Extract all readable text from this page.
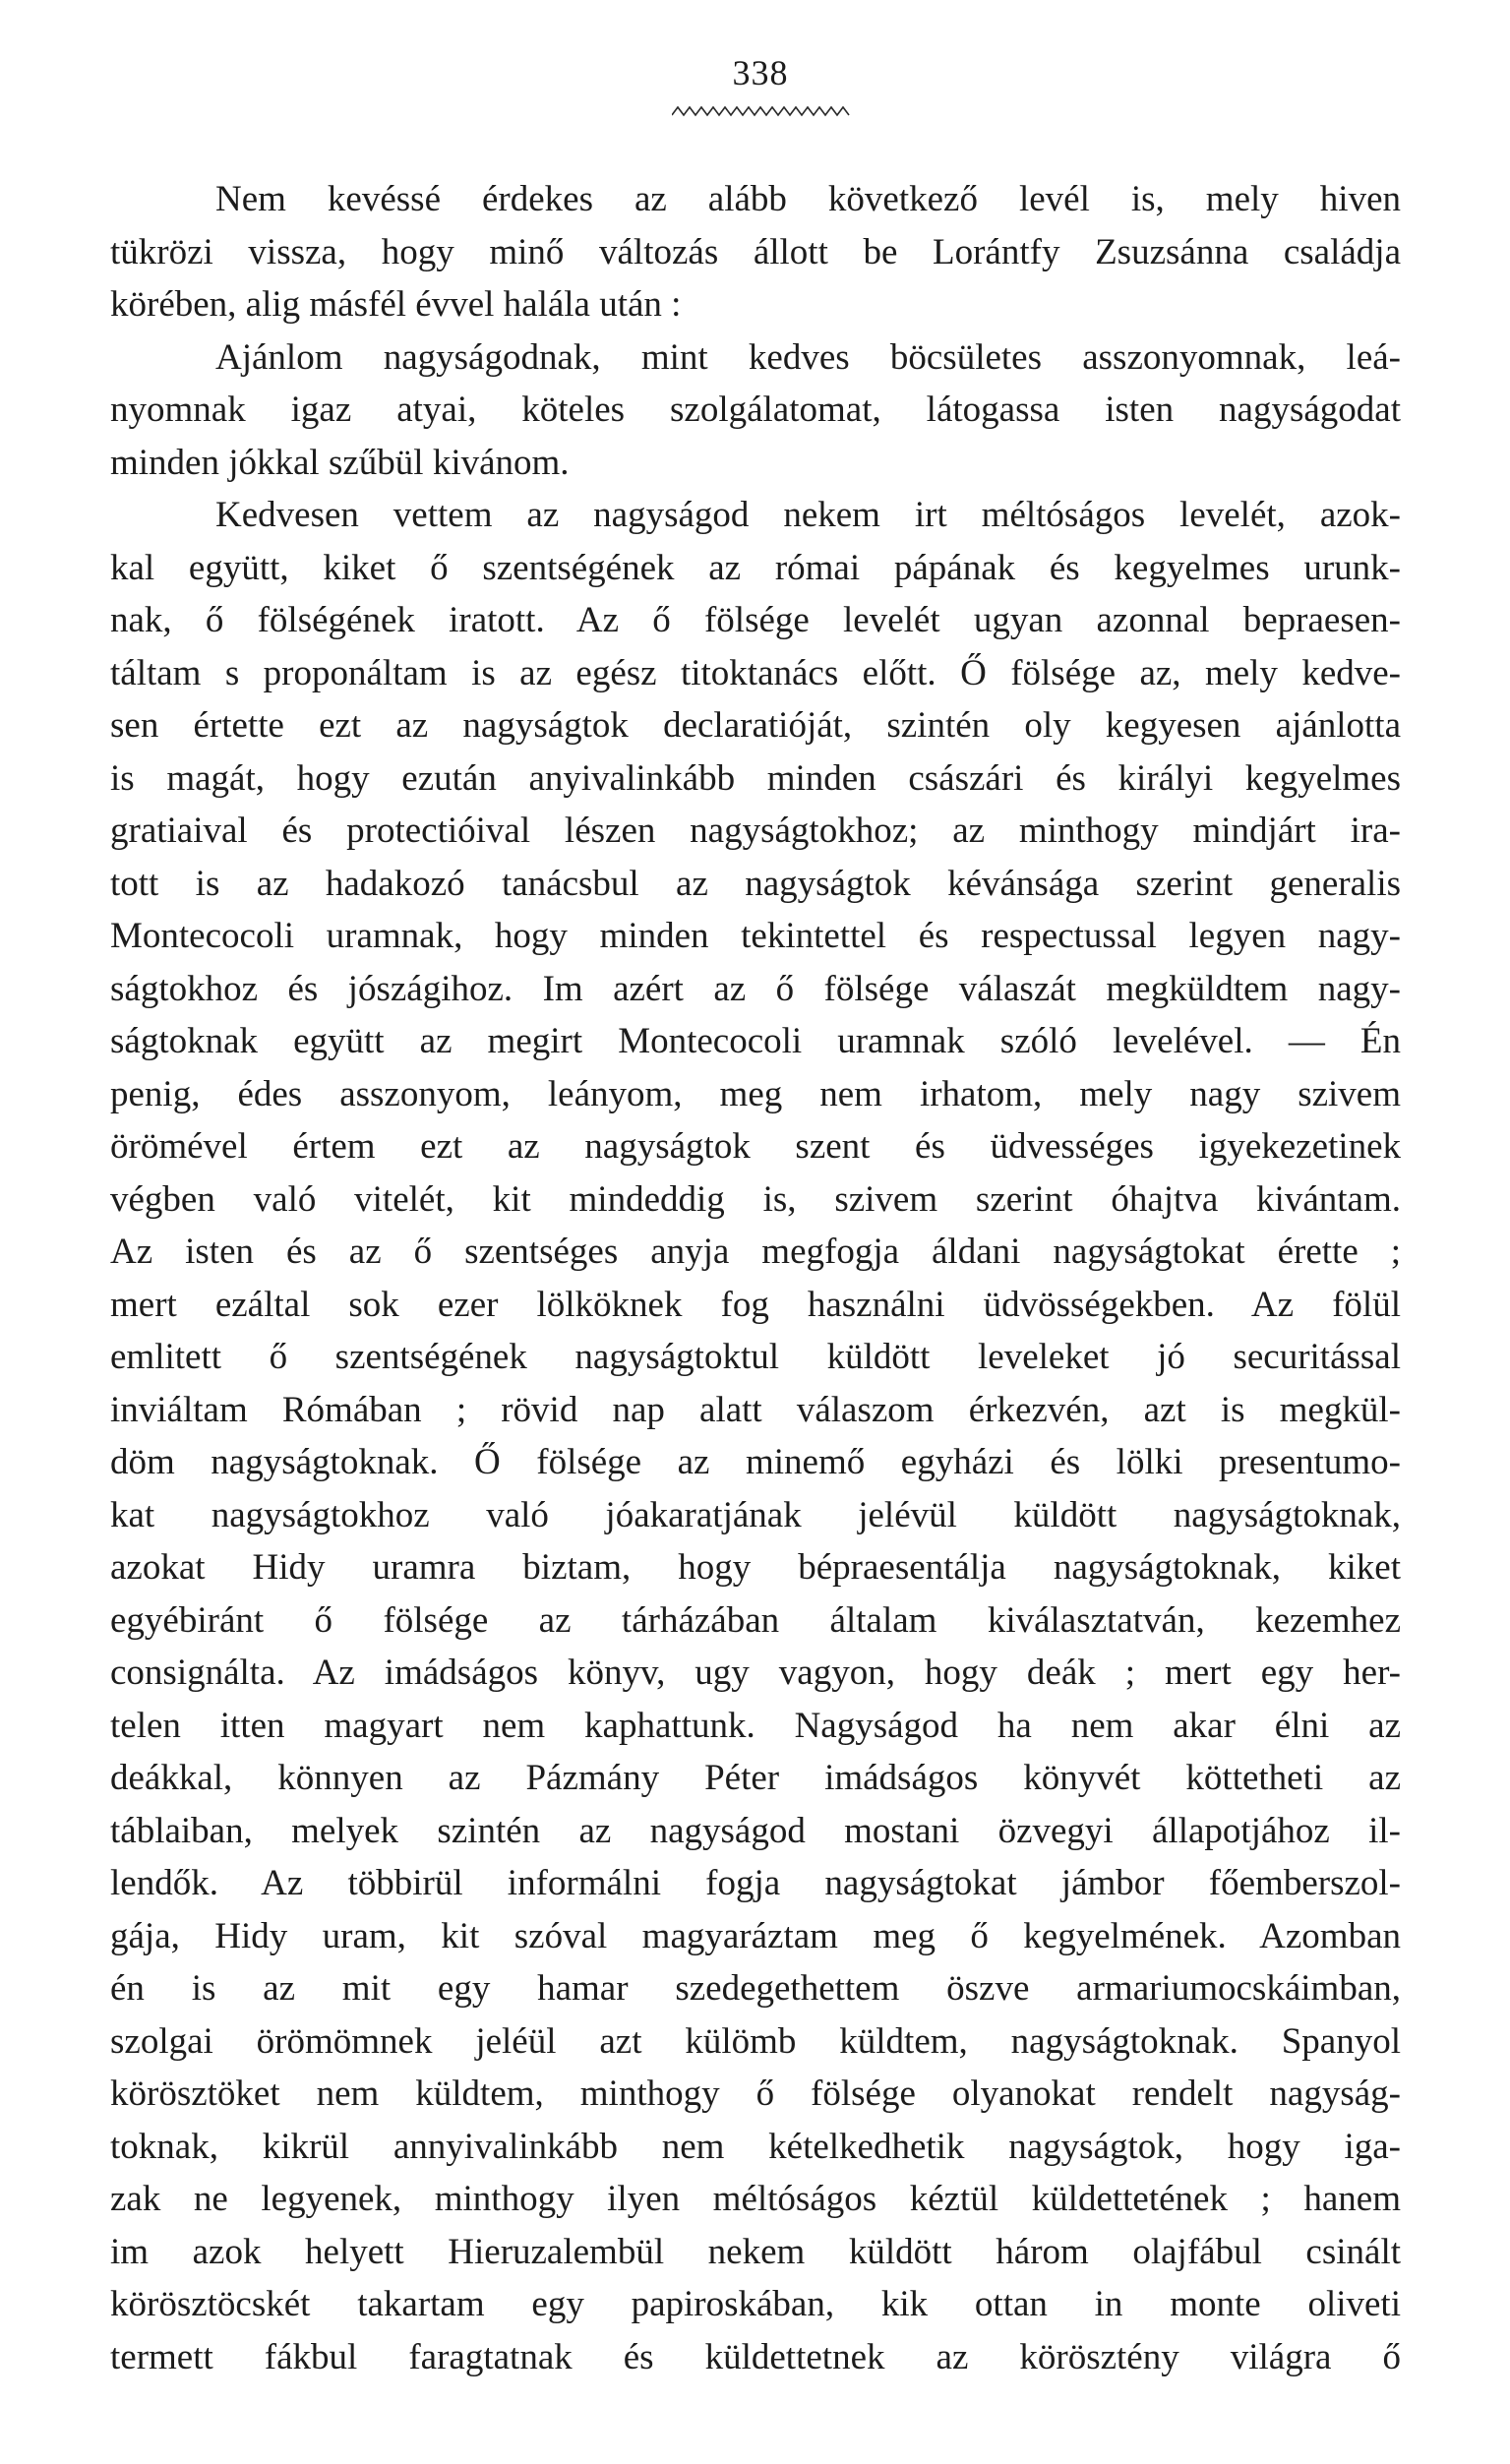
338
Nem kevéssé érdekes az alább következő levél is, mely hiven
tükrözi vissza, hogy minő változás állott be Lorántfy Zsuzsánna családja
körében, alig másfél évvel halála után :
Ajánlom nagyságodnak, mint kedves böcsületes asszonyomnak, leá-
nyomnak igaz atyai, köteles szolgálatomat, látogassa isten nagyságodat
minden jókkal szűbül kivánom.
Kedvesen vettem az nagyságod nekem irt méltóságos levelét, azok-
kal együtt, kiket ő szentségének az római pápának és kegyelmes urunk-
nak, ő fölségének iratott. Az ő fölsége levelét ugyan azonnal bepraesen-
táltam s proponáltam is az egész titoktanács előtt. Ő fölsége az, mely kedve-
sen értette ezt az nagyságtok declaratióját, szintén oly kegyesen ajánlotta
is magát, hogy ezután anyivalinkább minden császári és királyi kegyelmes
gratiaival és protectióival lészen nagyságtokhoz; az minthogy mindjárt ira-
tott is az hadakozó tanácsbul az nagyságtok kévánsága szerint generalis
Montecocoli uramnak, hogy minden tekintettel és respectussal legyen nagy-
ságtokhoz és jószágihoz. Im azért az ő fölsége válaszát megküldtem nagy-
ságtoknak együtt az megirt Montecocoli uramnak szóló levelével. — Én
penig, édes asszonyom, leányom, meg nem irhatom, mely nagy szivem
örömével értem ezt az nagyságtok szent és üdvességes igyekezetinek
végben való vitelét, kit mindeddig is, szivem szerint óhajtva kivántam.
Az isten és az ő szentséges anyja megfogja áldani nagyságtokat érette ;
mert ezáltal sok ezer lölköknek fog használni üdvösségekben. Az fölül
emlitett ő szentségének nagyságtoktul küldött leveleket jó securitással
inviáltam Rómában ; rövid nap alatt válaszom érkezvén, azt is megkül-
döm nagyságtoknak. Ő fölsége az minemő egyházi és lölki presentumo-
kat nagyságtokhoz való jóakaratjának jelévül küldött nagyságtoknak,
azokat Hidy uramra biztam, hogy bépraesentálja nagyságtoknak, kiket
egyébiránt ő fölsége az tárházában általam kiválasztatván, kezemhez
consignálta. Az imádságos könyv, ugy vagyon, hogy deák ; mert egy her-
telen itten magyart nem kaphattunk. Nagyságod ha nem akar élni az
deákkal, könnyen az Pázmány Péter imádságos könyvét köttetheti az
táblaiban, melyek szintén az nagyságod mostani özvegyi állapotjához il-
lendők. Az többirül informálni fogja nagyságtokat jámbor főemberszol-
gája, Hidy uram, kit szóval magyaráztam meg ő kegyelmének. Azomban
én is az mit egy hamar szedegethettem öszve armariumocskáimban,
szolgai örömömnek jeléül azt külömb küldtem, nagyságtoknak. Spanyol
körösztöket nem küldtem, minthogy ő fölsége olyanokat rendelt nagyság-
toknak, kikrül annyivalinkább nem kételkedhetik nagyságtok, hogy iga-
zak ne legyenek, minthogy ilyen méltóságos kéztül küldettetének ; hanem
im azok helyett Hieruzalembül nekem küldött három olajfábul csinált
körösztöcskét takartam egy papiroskában, kik ottan in monte oliveti
termett fákbul faragtatnak és küldettetnek az körösztény világra ő
